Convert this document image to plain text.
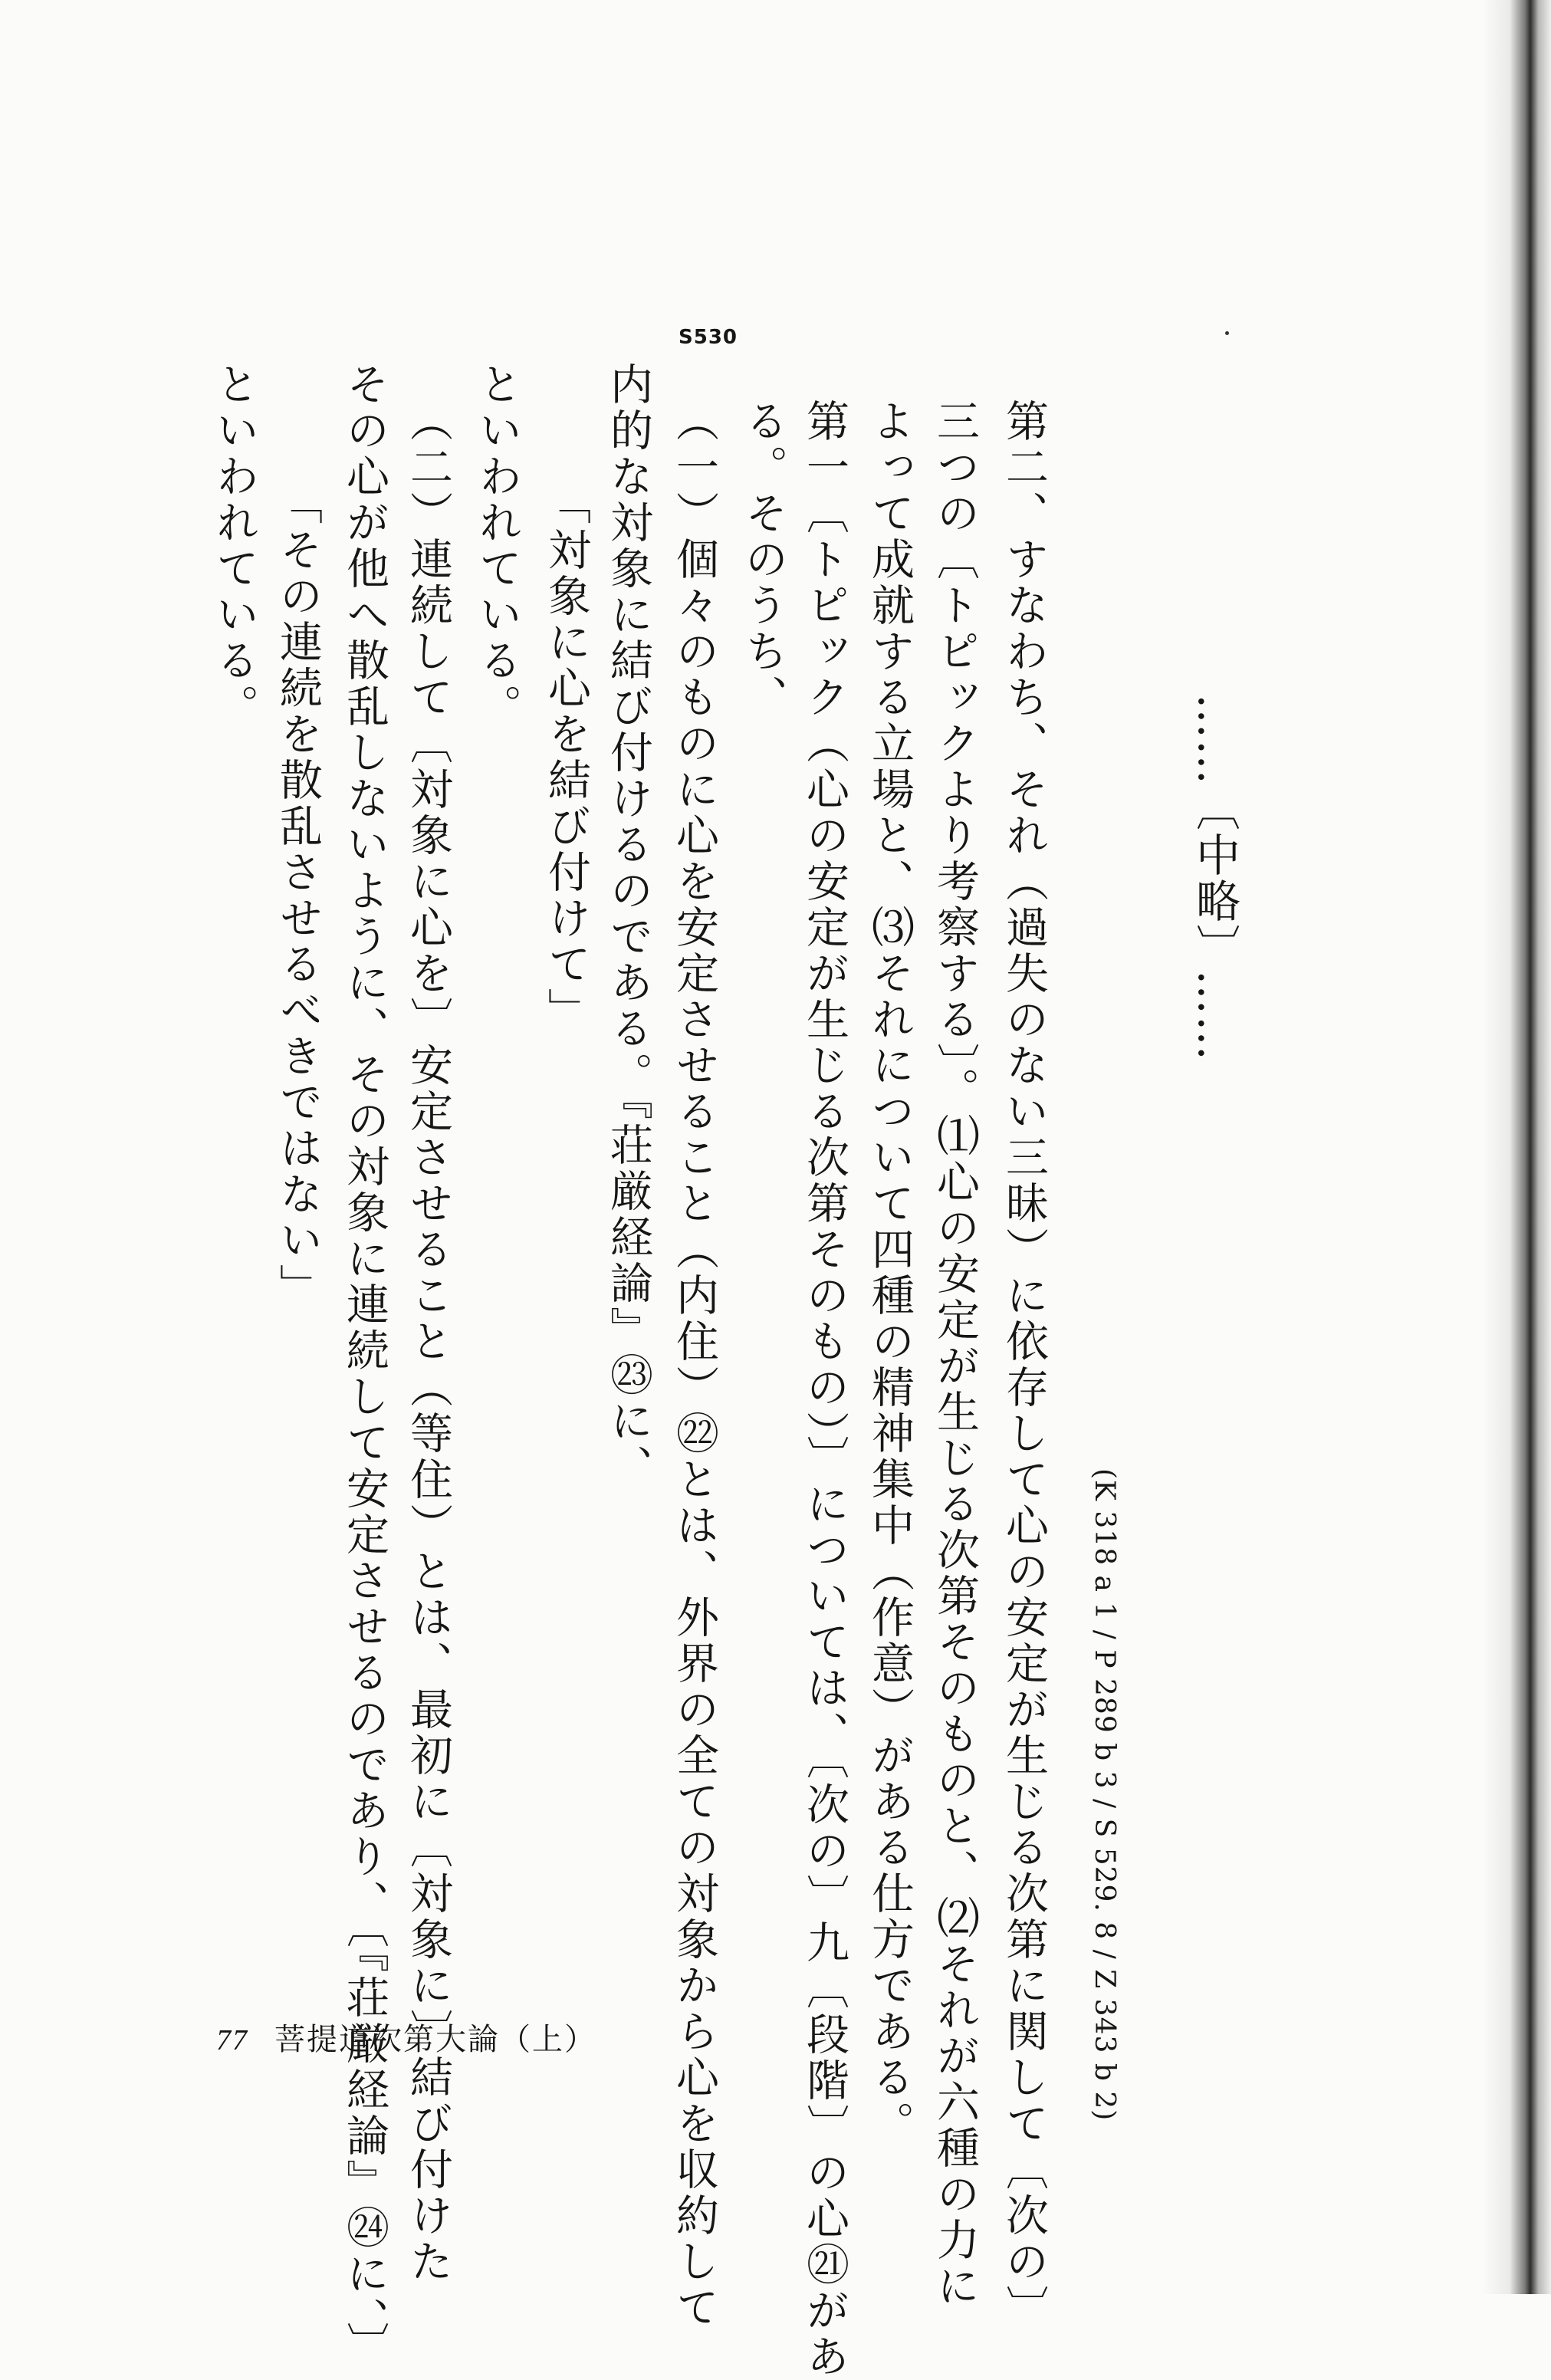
……〔中略〕……
(K 318 a 1 / P 289 b 3 / S 529. 8 / Z 343 b 2)
S530
第二、すなわち、それ（過失のない三昧）に依存して心の安定が生じる次第に関して〔次の〕
三つの〔トピックより考察する〕。⑴心の安定が生じる次第そのものと、⑵それが六種の力に
よって成就する立場と、⑶それについて四種の精神集中（作意）がある仕方である。
第一〔トピック（心の安定が生じる次第そのもの）〕については、〔次の〕九〔段階〕の心㉑があ
る。そのうち、
（一）個々のものに心を安定させること（内住）㉒とは、外界の全ての対象から心を収約して
内的な対象に結び付けるのである。『荘厳経論』㉓に、
「対象に心を結び付けて」
といわれている。
（二）連続して〔対象に心を〕安定させること（等住）とは、最初に〔対象に〕結び付けた
その心が他へ散乱しないように、その対象に連続して安定させるのであり、〔『荘厳経論』㉔に、〕
「その連続を散乱させるべきではない」
といわれている。
77 菩提道次第大論（上）
